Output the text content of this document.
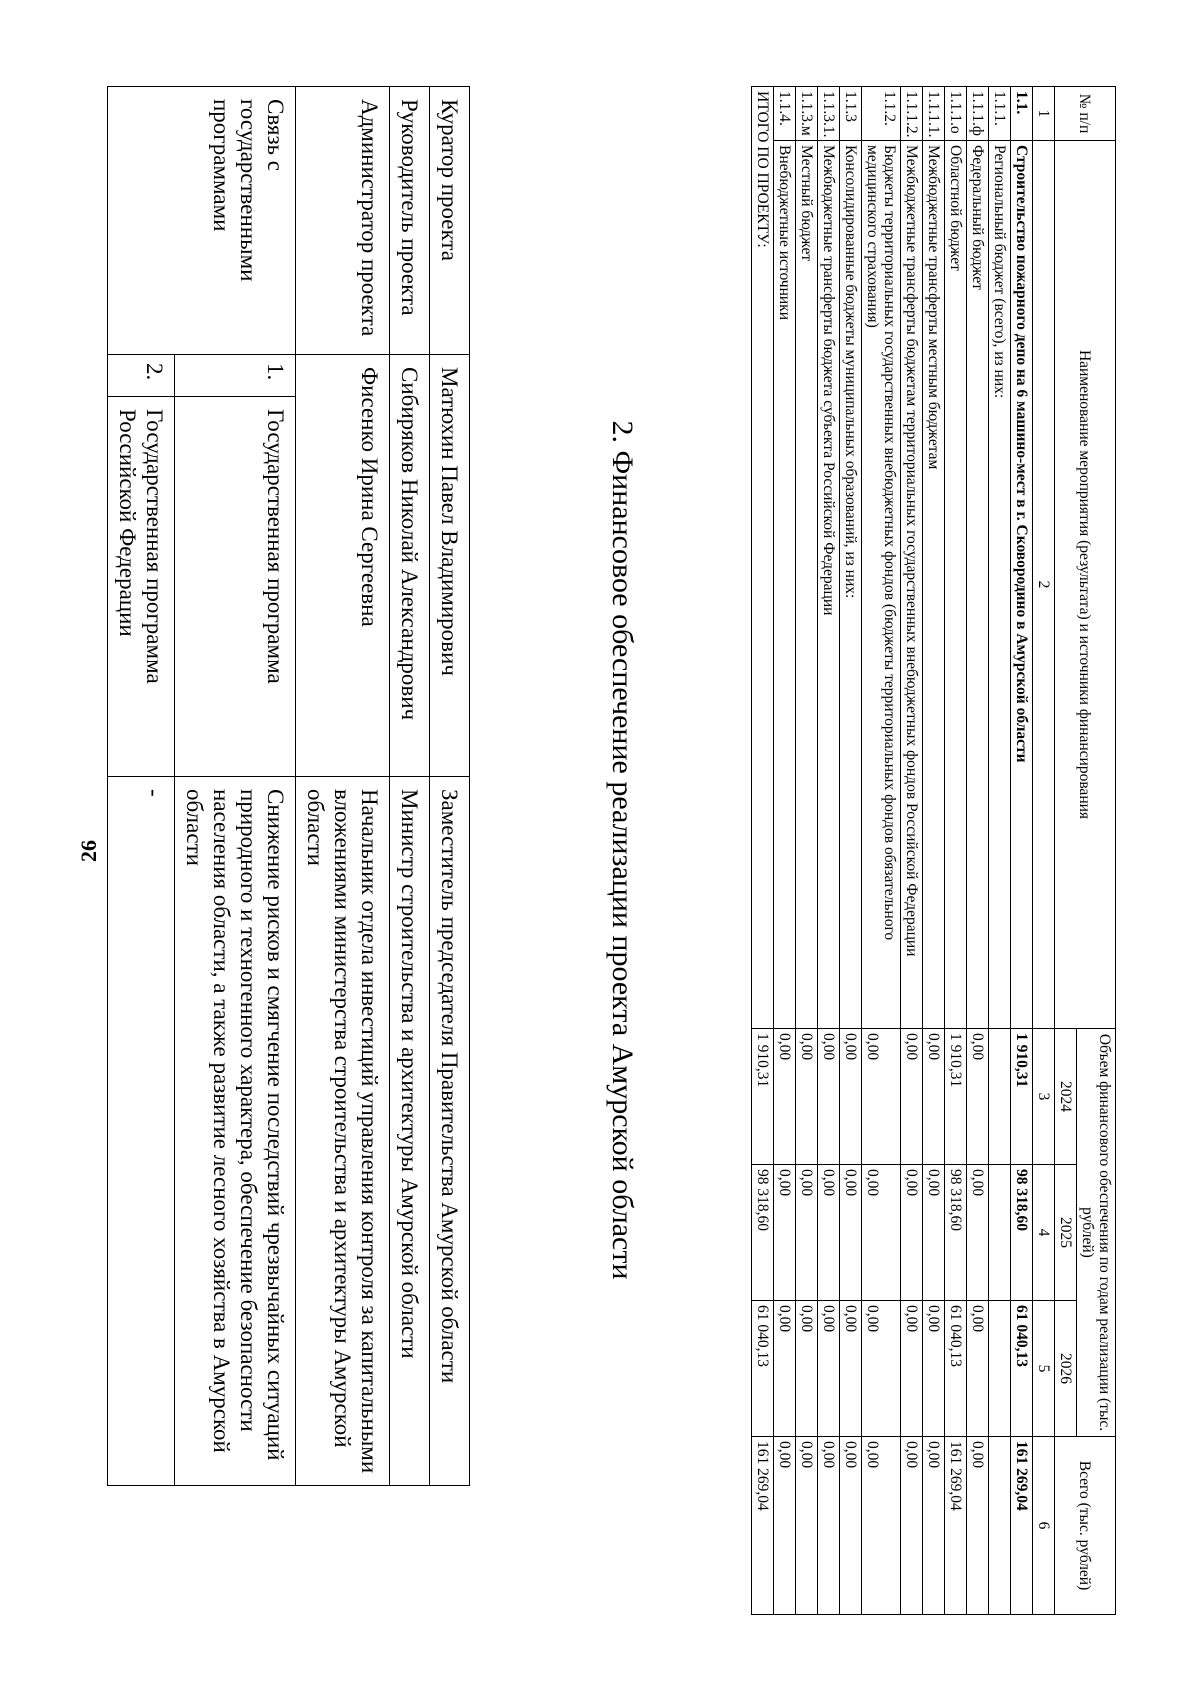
26
Куратор проекта	Матюхин Павел Владимирович		Заместитель председателя Правительства Амурской области
Руководитель проекта	Сибиряков Николай Александрович		Министр строительства и архитектуры Амурской области
Администратор проекта	Фисенко Ирина Сергеевна		Начальник отдела инвестиций управления контроля за капитальными вложениями министерства строительства и архитектуры Амурской области
Связь с государственными программами	1.	Государственная программа	Снижение рисков и смягчение последствий чрезвычайных ситуаций природного и техногенного характера, обеспечение безопасности населения области, а также развитие лесного хозяйства в Амурской области
	2.	Государственная программа Российской Федерации	-	2. Финансовое обеспечение реализации проекта Амурской области
№ п/п	Наименование мероприятия (результата) и источники финансирования	Объем финансового обеспечения по годам реализации (тыс. рублей)			Всего (тыс. рублей)
		2024	2025	2026	
1	2	3	4	5	6
1.1.	Строительство пожарного депо на 6 машино-мест в г. Сковородино в Амурской области	1 910,31	98 318,60	61 040,13	161 269,04
1.1.1.	Региональный бюджет (всего), из них:				
1.1.1.ф	Федеральный бюджет	0,00	0,00	0,00	0,00
1.1.1.о	Областной бюджет	1 910,31	98 318,60	61 040,13	161 269,04
1.1.1.1.	Межбюджетные трансферты местным бюджетам	0,00	0,00	0,00	0,00
1.1.1.2.	Межбюджетные трансферты бюджетам территориальных государственных внебюджетных фондов Российской Федерации	0,00	0,00	0,00	0,00
1.1.2.	Бюджеты территориальных государственных внебюджетных фондов (бюджеты территориальных фондов обязательного медицинского страхования)	0,00	0,00	0,00	0,00
1.1.3	Консолидированные бюджеты муниципальных образований, из них:	0,00	0,00	0,00	0,00
1.1.3.1.	Межбюджетные трансферты бюджета субъекта Российской Федерации	0,00	0,00	0,00	0,00
1.1.3.м	Местный бюджет	0,00	0,00	0,00	0,00
1.1.4.	Внебюджетные источники	0,00	0,00	0,00	0,00
ИТОГО ПО ПРОЕКТУ:		1 910,31	98 318,60	61 040,13	161 269,04
